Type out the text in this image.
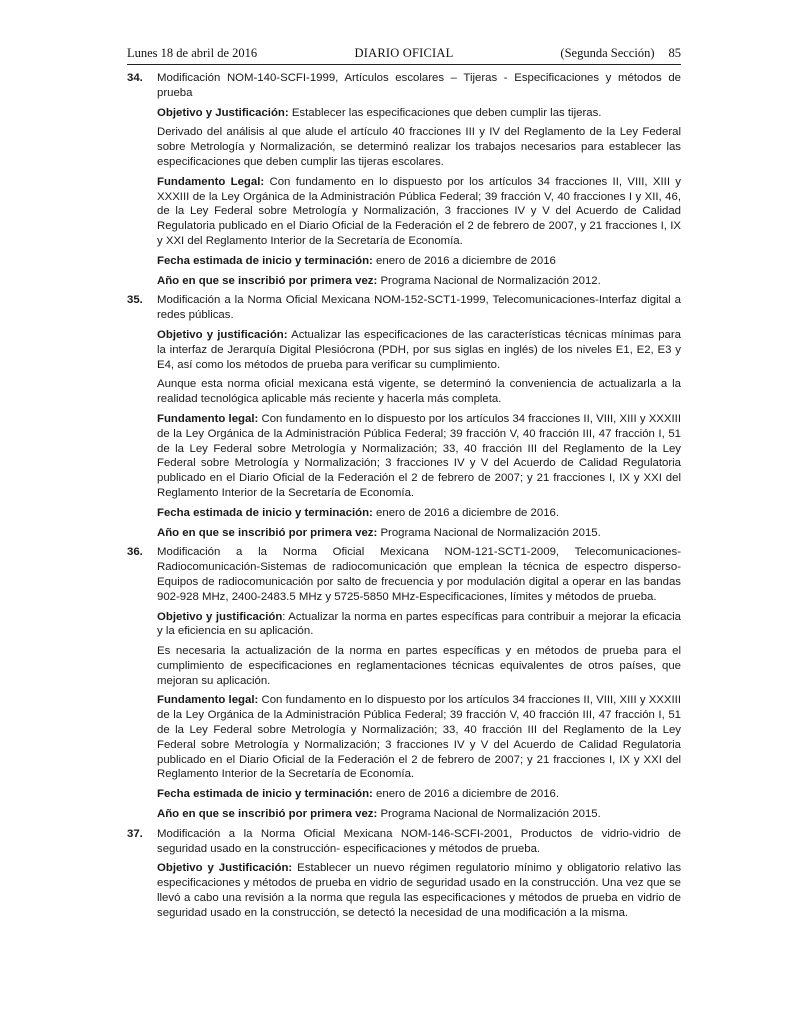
Lunes 18 de abril de 2016	DIARIO OFICIAL	(Segunda Sección) 85
34. Modificación NOM-140-SCFI-1999, Artículos escolares – Tijeras - Especificaciones y métodos de prueba

Objetivo y Justificación: Establecer las especificaciones que deben cumplir las tijeras.

Derivado del análisis al que alude el artículo 40 fracciones III y IV del Reglamento de la Ley Federal sobre Metrología y Normalización, se determinó realizar los trabajos necesarios para establecer las especificaciones que deben cumplir las tijeras escolares.

Fundamento Legal: Con fundamento en lo dispuesto por los artículos 34 fracciones II, VIII, XIII y XXXIII de la Ley Orgánica de la Administración Pública Federal; 39 fracción V, 40 fracciones I y XII, 46, de la Ley Federal sobre Metrología y Normalización, 3 fracciones IV y V del Acuerdo de Calidad Regulatoria publicado en el Diario Oficial de la Federación el 2 de febrero de 2007, y 21 fracciones I, IX y XXI del Reglamento Interior de la Secretaría de Economía.

Fecha estimada de inicio y terminación: enero de 2016 a diciembre de 2016

Año en que se inscribió por primera vez: Programa Nacional de Normalización 2012.

35. Modificación a la Norma Oficial Mexicana NOM-152-SCT1-1999, Telecomunicaciones-Interfaz digital a redes públicas.

Objetivo y justificación: Actualizar las especificaciones de las características técnicas mínimas para la interfaz de Jerarquía Digital Plesiócrona (PDH, por sus siglas en inglés) de los niveles E1, E2, E3 y E4, así como los métodos de prueba para verificar su cumplimiento.

Aunque esta norma oficial mexicana está vigente, se determinó la conveniencia de actualizarla a la realidad tecnológica aplicable más reciente y hacerla más completa.

Fundamento legal: Con fundamento en lo dispuesto por los artículos 34 fracciones II, VIII, XIII y XXXIII de la Ley Orgánica de la Administración Pública Federal; 39 fracción V, 40 fracción III, 47 fracción I, 51 de la Ley Federal sobre Metrología y Normalización; 33, 40 fracción III del Reglamento de la Ley Federal sobre Metrología y Normalización; 3 fracciones IV y V del Acuerdo de Calidad Regulatoria publicado en el Diario Oficial de la Federación el 2 de febrero de 2007; y 21 fracciones I, IX y XXI del Reglamento Interior de la Secretaría de Economía.

Fecha estimada de inicio y terminación: enero de 2016 a diciembre de 2016.

Año en que se inscribió por primera vez: Programa Nacional de Normalización 2015.

36. Modificación a la Norma Oficial Mexicana NOM-121-SCT1-2009, Telecomunicaciones-Radiocomunicación-Sistemas de radiocomunicación que emplean la técnica de espectro disperso-Equipos de radiocomunicación por salto de frecuencia y por modulación digital a operar en las bandas 902-928 MHz, 2400-2483.5 MHz y 5725-5850 MHz-Especificaciones, límites y métodos de prueba.

Objetivo y justificación: Actualizar la norma en partes específicas para contribuir a mejorar la eficacia y la eficiencia en su aplicación.

Es necesaria la actualización de la norma en partes específicas y en métodos de prueba para el cumplimiento de especificaciones en reglamentaciones técnicas equivalentes de otros países, que mejoran su aplicación.

Fundamento legal: Con fundamento en lo dispuesto por los artículos 34 fracciones II, VIII, XIII y XXXIII de la Ley Orgánica de la Administración Pública Federal; 39 fracción V, 40 fracción III, 47 fracción I, 51 de la Ley Federal sobre Metrología y Normalización; 33, 40 fracción III del Reglamento de la Ley Federal sobre Metrología y Normalización; 3 fracciones IV y V del Acuerdo de Calidad Regulatoria publicado en el Diario Oficial de la Federación el 2 de febrero de 2007; y 21 fracciones I, IX y XXI del Reglamento Interior de la Secretaría de Economía.

Fecha estimada de inicio y terminación: enero de 2016 a diciembre de 2016.

Año en que se inscribió por primera vez: Programa Nacional de Normalización 2015.

37. Modificación a la Norma Oficial Mexicana NOM-146-SCFI-2001, Productos de vidrio-vidrio de seguridad usado en la construcción- especificaciones y métodos de prueba.

Objetivo y Justificación: Establecer un nuevo régimen regulatorio mínimo y obligatorio relativo las especificaciones y métodos de prueba en vidrio de seguridad usado en la construcción. Una vez que se llevó a cabo una revisión a la norma que regula las especificaciones y métodos de prueba en vidrio de seguridad usado en la construcción, se detectó la necesidad de una modificación a la misma.
